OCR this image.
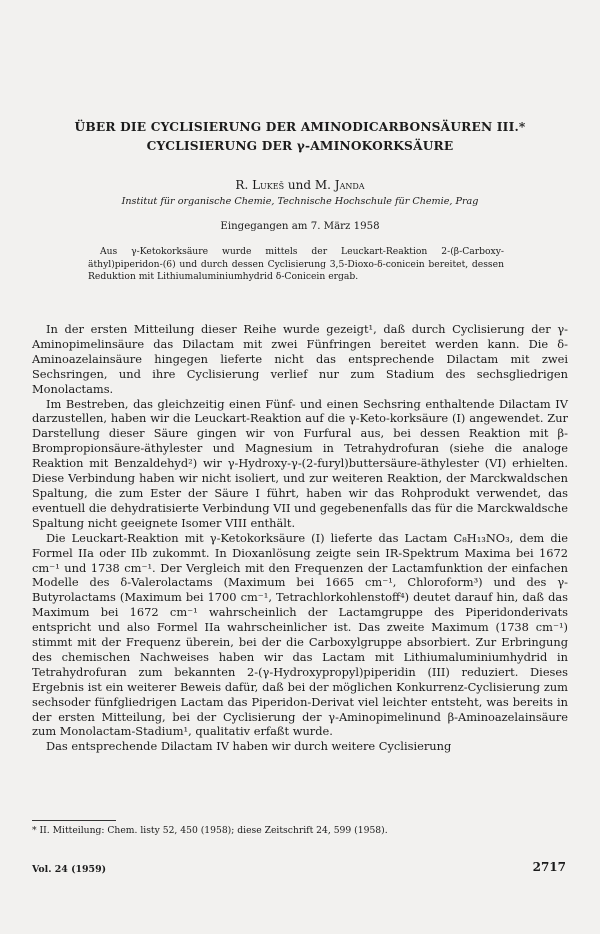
ÜBER DIE CYCLISIERUNG DER AMINODICARBONSÄUREN III.*
CYCLISIERUNG DER γ-AMINOKORKSÄURE
R. Lukeš und M. Janda
Institut für organische Chemie, Technische Hochschule für Chemie, Prag
Eingegangen am 7. März 1958
Aus γ-Ketokorksäure wurde mittels der Leuckart-Reaktion 2-(β-Carboxy-äthyl)piperidon-(6) und durch dessen Cyclisierung 3,5-Dioxo-δ-conicein bereitet, dessen Reduktion mit Lithiumaluminiumhydrid δ-Conicein ergab.

In der ersten Mitteilung dieser Reihe wurde gezeigt¹, daß durch Cyclisierung der γ-Aminopimelinsäure das Dilactam mit zwei Fünfringen bereitet werden kann. Die δ-Aminoazelainsäure hingegen lieferte nicht das entsprechende Dilactam mit zwei Sechsringen, und ihre Cyclisierung verlief nur zum Stadium des sechsgliedrigen Monolactams.

Im Bestreben, das gleichzeitig einen Fünf- und einen Sechsring enthaltende Dilactam IV darzustellen, haben wir die Leuckart-Reaktion auf die γ-Keto-korksäure (I) angewendet. Zur Darstellung dieser Säure gingen wir von Furfural aus, bei dessen Reaktion mit β-Brompropionsäure-äthylester und Magnesium in Tetrahydrofuran (siehe die analoge Reaktion mit Benzaldehyd²) wir γ-Hydroxy-γ-(2-furyl)buttersäure-äthylester (VI) erhielten. Diese Verbindung haben wir nicht isoliert, und zur weiteren Reaktion, der Marckwaldschen Spaltung, die zum Ester der Säure I führt, haben wir das Rohprodukt verwendet, das eventuell die dehydratisierte Verbindung VII und gegebenenfalls das für die Marckwaldsche Spaltung nicht geeignete Isomer VIII enthält.

Die Leuckart-Reaktion mit γ-Ketokorksäure (I) lieferte das Lactam C₈H₁₃NO₃, dem die Formel IIa oder IIb zukommt. In Dioxanlösung zeigte sein IR-Spektrum Maxima bei 1672 cm⁻¹ und 1738 cm⁻¹. Der Vergleich mit den Frequenzen der Lactamfunktion der einfachen Modelle des δ-Valerolactams (Maximum bei 1665 cm⁻¹, Chloroform³) und des γ-Butyrolactams (Maximum bei 1700 cm⁻¹, Tetrachlorkohlenstoff⁴) deutet darauf hin, daß das Maximum bei 1672 cm⁻¹ wahrscheinlich der Lactamgruppe des Piperidonderivats entspricht und also Formel IIa wahrscheinlicher ist. Das zweite Maximum (1738 cm⁻¹) stimmt mit der Frequenz überein, bei der die Carboxylgruppe absorbiert. Zur Erbringung des chemischen Nachweises haben wir das Lactam mit Lithiumaluminiumhydrid in Tetrahydrofuran zum bekannten 2-(γ-Hydroxypropyl)piperidin (III) reduziert. Dieses Ergebnis ist ein weiterer Beweis dafür, daß bei der möglichen Konkurrenz-Cyclisierung zum sechsoder fünfgliedrigen Lactam das Piperidon-Derivat viel leichter entsteht, was bereits in der ersten Mitteilung, bei der Cyclisierung der γ-Aminopimelinund β-Aminoazelainsäure zum Monolactam-Stadium¹, qualitativ erfaßt wurde.

Das entsprechende Dilactam IV haben wir durch weitere Cyclisierung

* II. Mitteilung: Chem. listy 52, 450 (1958); diese Zeitschrift 24, 599 (1958).
Vol. 24 (1959)	2717
